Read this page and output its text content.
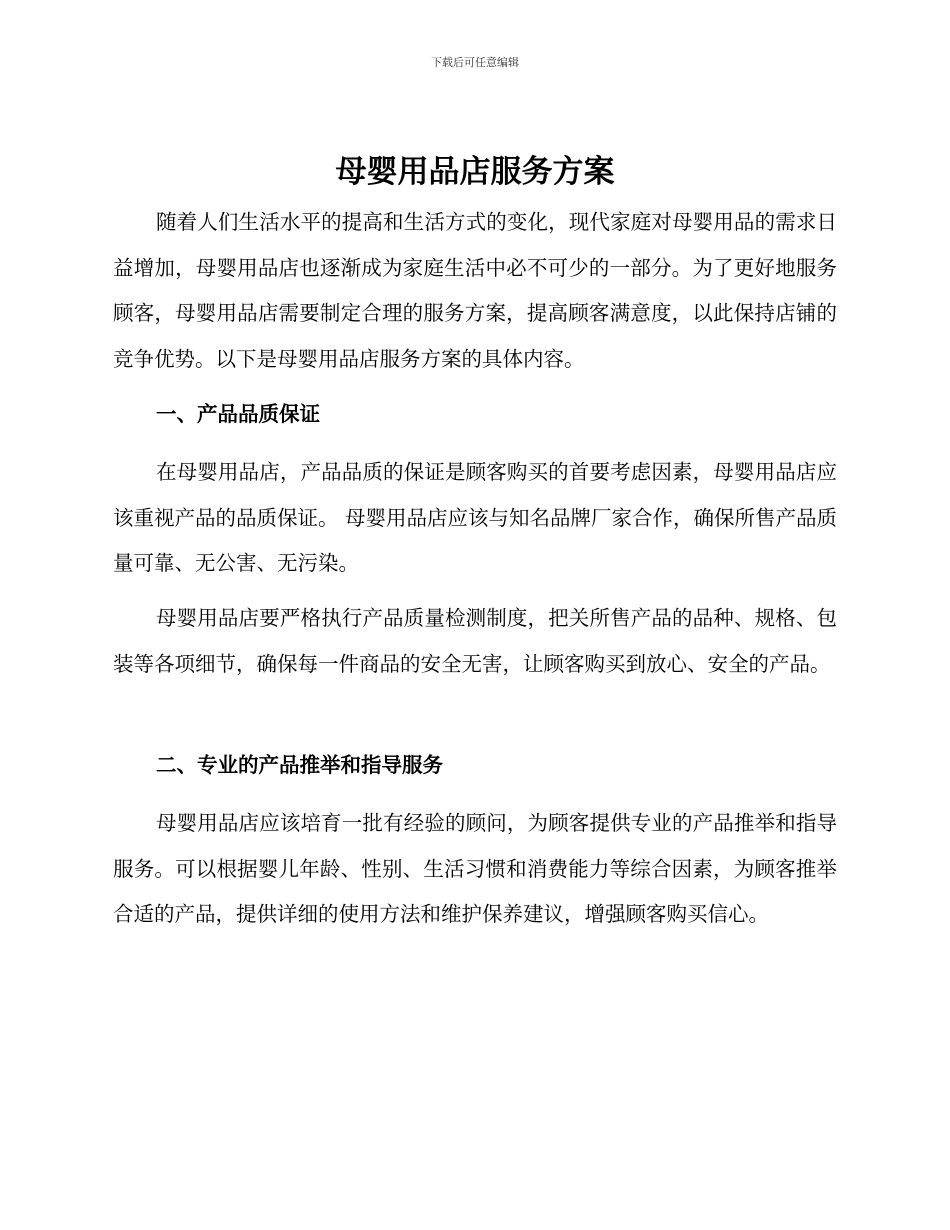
下载后可任意编辑
母婴用品店服务方案

随着人们生活水平的提高和生活方式的变化，现代家庭对母婴用品的需求日益增加，母婴用品店也逐渐成为家庭生活中必不可少的一部分。为了更好地服务顾客，母婴用品店需要制定合理的服务方案，提高顾客满意度，以此保持店铺的竞争优势。以下是母婴用品店服务方案的具体内容。

一、产品品质保证

在母婴用品店，产品品质的保证是顾客购买的首要考虑因素，母婴用品店应该重视产品的品质保证。 母婴用品店应该与知名品牌厂家合作，确保所售产品质量可靠、无公害、无污染。

母婴用品店要严格执行产品质量检测制度，把关所售产品的品种、规格、包装等各项细节，确保每一件商品的安全无害，让顾客购买到放心、安全的产品。

二、专业的产品推举和指导服务

母婴用品店应该培育一批有经验的顾问，为顾客提供专业的产品推举和指导服务。可以根据婴儿年龄、性别、生活习惯和消费能力等综合因素，为顾客推举合适的产品，提供详细的使用方法和维护保养建议，增强顾客购买信心。
